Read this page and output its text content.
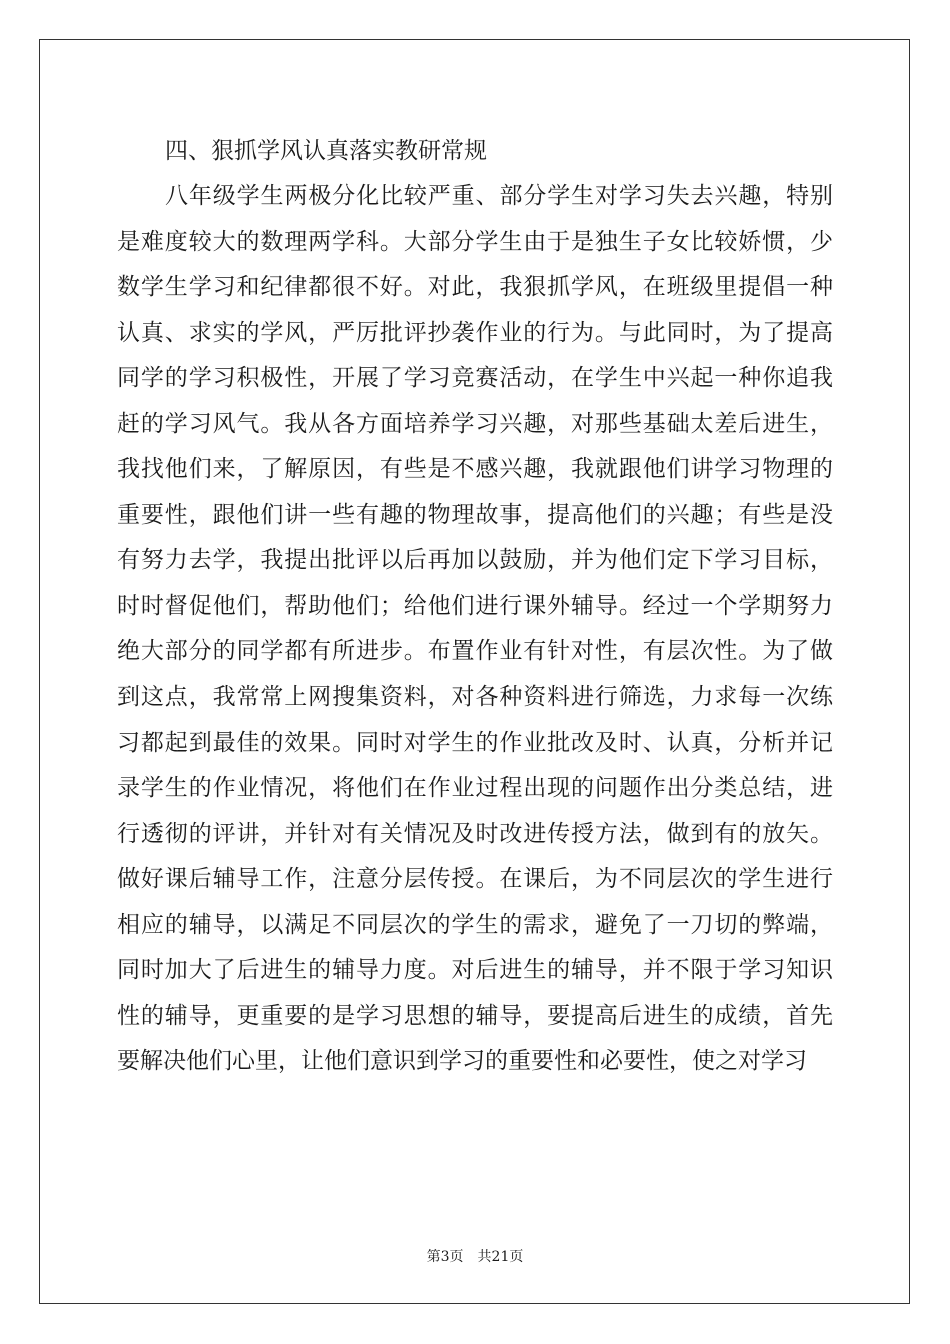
四、狠抓学风认真落实教研常规

八年级学生两极分化比较严重、部分学生对学习失去兴趣，特别
是难度较大的数理两学科。大部分学生由于是独生子女比较娇惯，少
数学生学习和纪律都很不好。对此，我狠抓学风，在班级里提倡一种
认真、求实的学风，严厉批评抄袭作业的行为。与此同时，为了提高
同学的学习积极性，开展了学习竞赛活动，在学生中兴起一种你追我
赶的学习风气。我从各方面培养学习兴趣，对那些基础太差后进生，
我找他们来，了解原因，有些是不感兴趣，我就跟他们讲学习物理的
重要性，跟他们讲一些有趣的物理故事，提高他们的兴趣；有些是没
有努力去学，我提出批评以后再加以鼓励，并为他们定下学习目标，
时时督促他们，帮助他们；给他们进行课外辅导。经过一个学期努力
绝大部分的同学都有所进步。布置作业有针对性，有层次性。为了做
到这点，我常常上网搜集资料，对各种资料进行筛选，力求每一次练
习都起到最佳的效果。同时对学生的作业批改及时、认真，分析并记
录学生的作业情况，将他们在作业过程出现的问题作出分类总结，进
行透彻的评讲，并针对有关情况及时改进传授方法，做到有的放矢。
做好课后辅导工作，注意分层传授。在课后，为不同层次的学生进行
相应的辅导，以满足不同层次的学生的需求，避免了一刀切的弊端，
同时加大了后进生的辅导力度。对后进生的辅导，并不限于学习知识
性的辅导，更重要的是学习思想的辅导，要提高后进生的成绩，首先
要解决他们心里，让他们意识到学习的重要性和必要性，使之对学习
第3页 共21页
